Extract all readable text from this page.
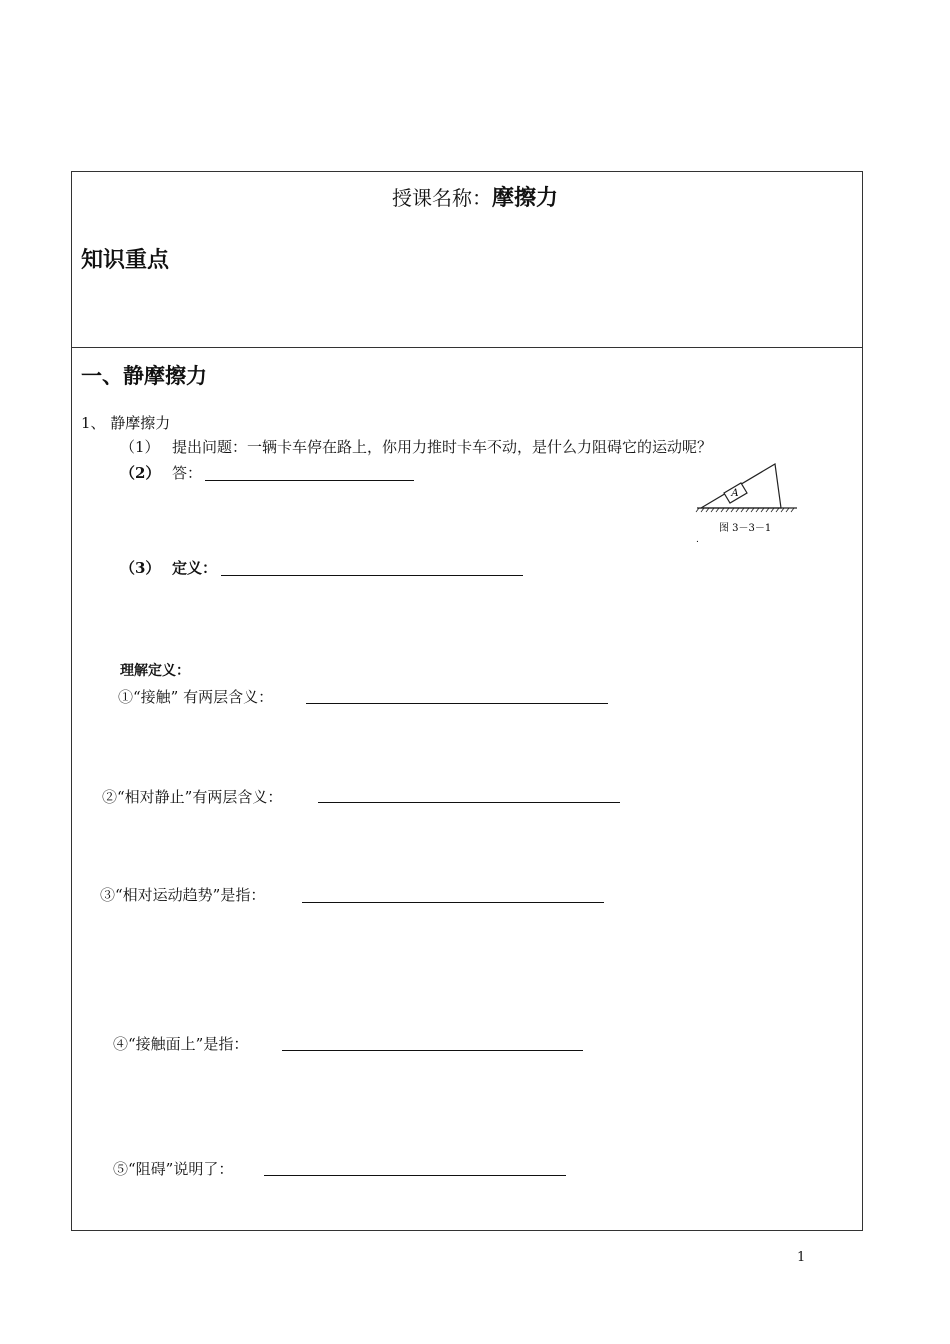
授课名称：摩擦力
知识重点
一、静摩擦力
1、 静摩擦力
（1） 提出问题：一辆卡车停在路上，你用力推时卡车不动，是什么力阻碍它的运动呢？
（2） 答：
A
图 3－3－1
.
（3） 定义：
理解定义：
①“接触” 有两层含义：
②“相对静止”有两层含义：
③“相对运动趋势”是指：
④“接触面上”是指：
⑤“阻碍”说明了：
1
